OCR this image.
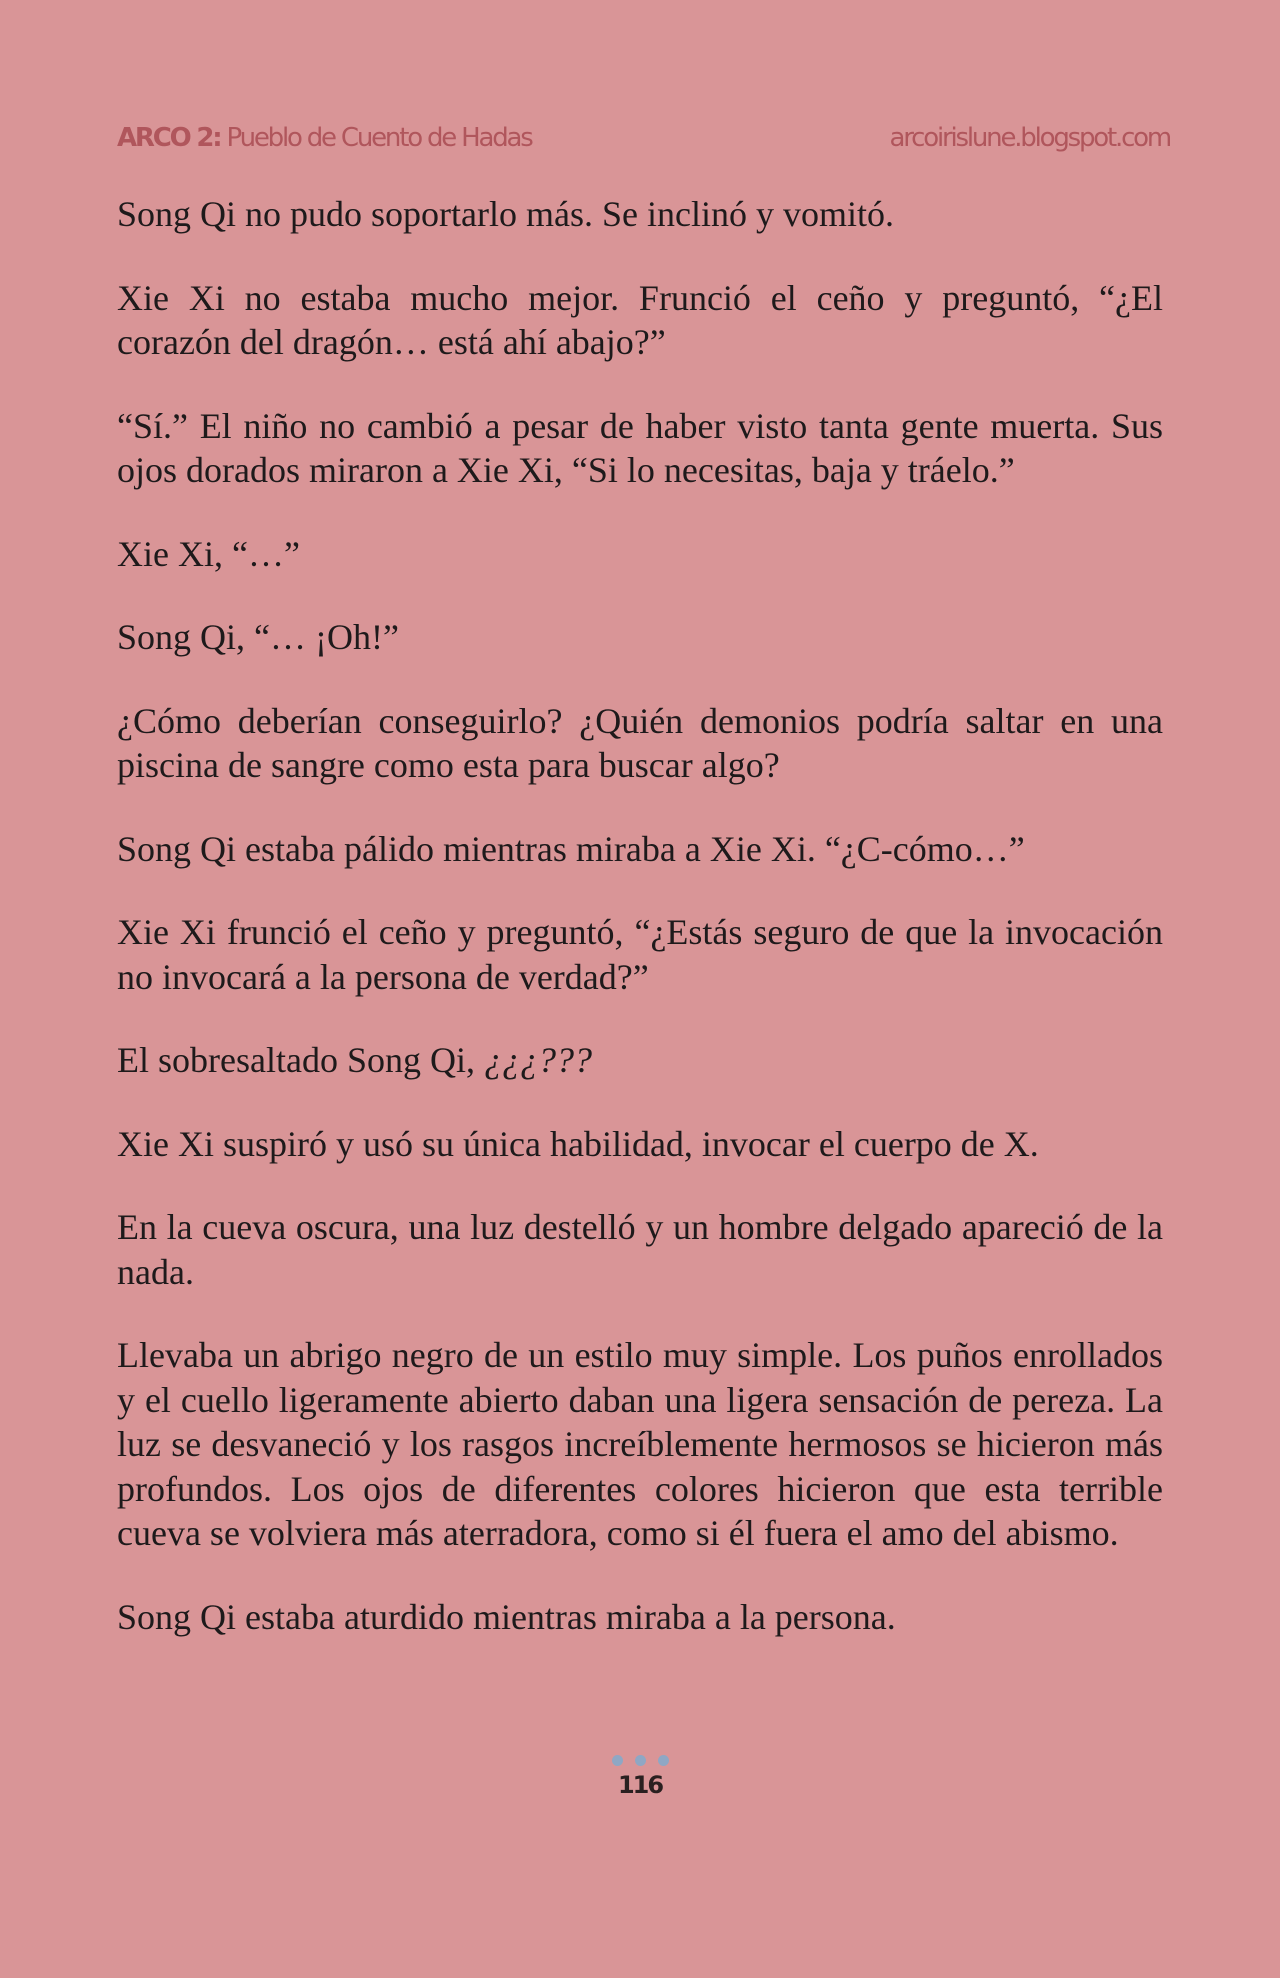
ARCO 2: Pueblo de Cuento de Hadas	arcoirislune.blogspot.com

Song Qi no pudo soportarlo más. Se inclinó y vomitó.

Xie Xi no estaba mucho mejor. Frunció el ceño y preguntó, “¿El corazón del dragón… está ahí abajo?”

“Sí.” El niño no cambió a pesar de haber visto tanta gente muerta. Sus ojos dorados miraron a Xie Xi, “Si lo necesitas, baja y tráelo.”

Xie Xi, “…”

Song Qi, “… ¡Oh!”

¿Cómo deberían conseguirlo? ¿Quién demonios podría saltar en una piscina de sangre como esta para buscar algo?

Song Qi estaba pálido mientras miraba a Xie Xi. “¿C-cómo…”

Xie Xi frunció el ceño y preguntó, “¿Estás seguro de que la invocación no invocará a la persona de verdad?”

El sobresaltado Song Qi, ¿¿¿???

Xie Xi suspiró y usó su única habilidad, invocar el cuerpo de X.

En la cueva oscura, una luz destelló y un hombre delgado apareció de la nada.

Llevaba un abrigo negro de un estilo muy simple. Los puños enrollados y el cuello ligeramente abierto daban una ligera sensación de pereza. La luz se desvaneció y los rasgos increíblemente hermosos se hicieron más profundos. Los ojos de diferentes colores hicieron que esta terrible cueva se volviera más aterradora, como si él fuera el amo del abismo.

Song Qi estaba aturdido mientras miraba a la persona.

116
